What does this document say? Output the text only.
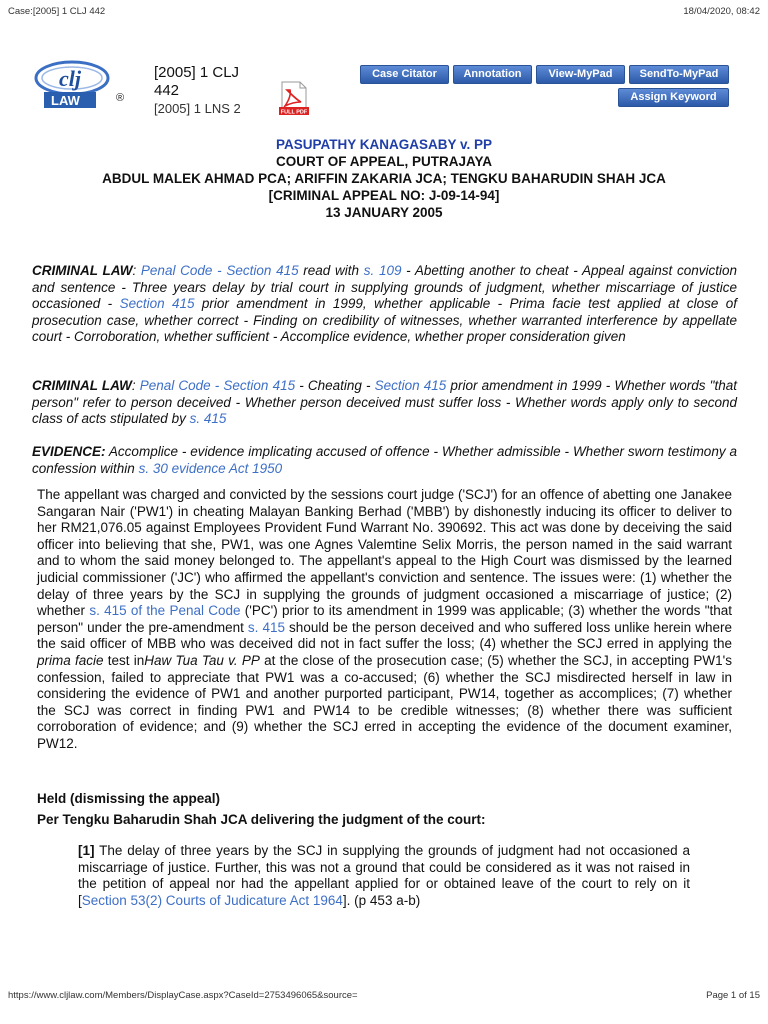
Case:[2005] 1 CLJ 442	18/04/2020, 08:42
clj
LAW	®
[2005] 1 CLJ
442
[2005] 1 LNS 2	FULL PDF
Case Citator	Annotation	View-MyPad	SendTo-MyPad
Assign Keyword
PASUPATHY KANAGASABY v. PP
COURT OF APPEAL, PUTRAJAYA
ABDUL MALEK AHMAD PCA; ARIFFIN ZAKARIA JCA; TENGKU BAHARUDIN SHAH JCA
[CRIMINAL APPEAL NO: J-09-14-94]
13 JANUARY 2005
CRIMINAL LAW: Penal Code - Section 415 read with s. 109 - Abetting another to cheat - Appeal against conviction and sentence - Three years delay by trial court in supplying grounds of judgment, whether miscarriage of justice occasioned - Section 415 prior amendment in 1999, whether applicable - Prima facie test applied at close of prosecution case, whether correct - Finding on credibility of witnesses, whether warranted interference by appellate court - Corroboration, whether sufficient - Accomplice evidence, whether proper consideration given
CRIMINAL LAW: Penal Code - Section 415 - Cheating - Section 415 prior amendment in 1999 - Whether words "that person" refer to person deceived - Whether person deceived must suffer loss - Whether words apply only to second class of acts stipulated by s. 415
EVIDENCE: Accomplice - evidence implicating accused of offence - Whether admissible - Whether sworn testimony a confession within s. 30 evidence Act 1950
The appellant was charged and convicted by the sessions court judge ('SCJ') for an offence of abetting one Janakee Sangaran Nair ('PW1') in cheating Malayan Banking Berhad ('MBB') by dishonestly inducing its officer to deliver to her RM21,076.05 against Employees Provident Fund Warrant No. 390692. This act was done by deceiving the said officer into believing that she, PW1, was one Agnes Valemtine Selix Morris, the person named in the said warrant and to whom the said money belonged to. The appellant's appeal to the High Court was dismissed by the learned judicial commissioner ('JC') who affirmed the appellant's conviction and sentence. The issues were: (1) whether the delay of three years by the SCJ in supplying the grounds of judgment occasioned a miscarriage of justice; (2) whether s. 415 of the Penal Code ('PC') prior to its amendment in 1999 was applicable; (3) whether the words "that person" under the pre-amendment s. 415 should be the person deceived and who suffered loss unlike herein where the said officer of MBB who was deceived did not in fact suffer the loss; (4) whether the SCJ erred in applying the prima facie test inHaw Tua Tau v. PP at the close of the prosecution case; (5) whether the SCJ, in accepting PW1's confession, failed to appreciate that PW1 was a co-accused; (6) whether the SCJ misdirected herself in law in considering the evidence of PW1 and another purported participant, PW14, together as accomplices; (7) whether the SCJ was correct in finding PW1 and PW14 to be credible witnesses; (8) whether there was sufficient corroboration of evidence; and (9) whether the SCJ erred in accepting the evidence of the document examiner, PW12.
Held (dismissing the appeal)
Per Tengku Baharudin Shah JCA delivering the judgment of the court:
[1] The delay of three years by the SCJ in supplying the grounds of judgment had not occasioned a miscarriage of justice. Further, this was not a ground that could be considered as it was not raised in the petition of appeal nor had the appellant applied for or obtained leave of the court to rely on it [Section 53(2) Courts of Judicature Act 1964]. (p 453 a-b)
https://www.cljlaw.com/Members/DisplayCase.aspx?CaseId=2753496065&source=	Page 1 of 15
